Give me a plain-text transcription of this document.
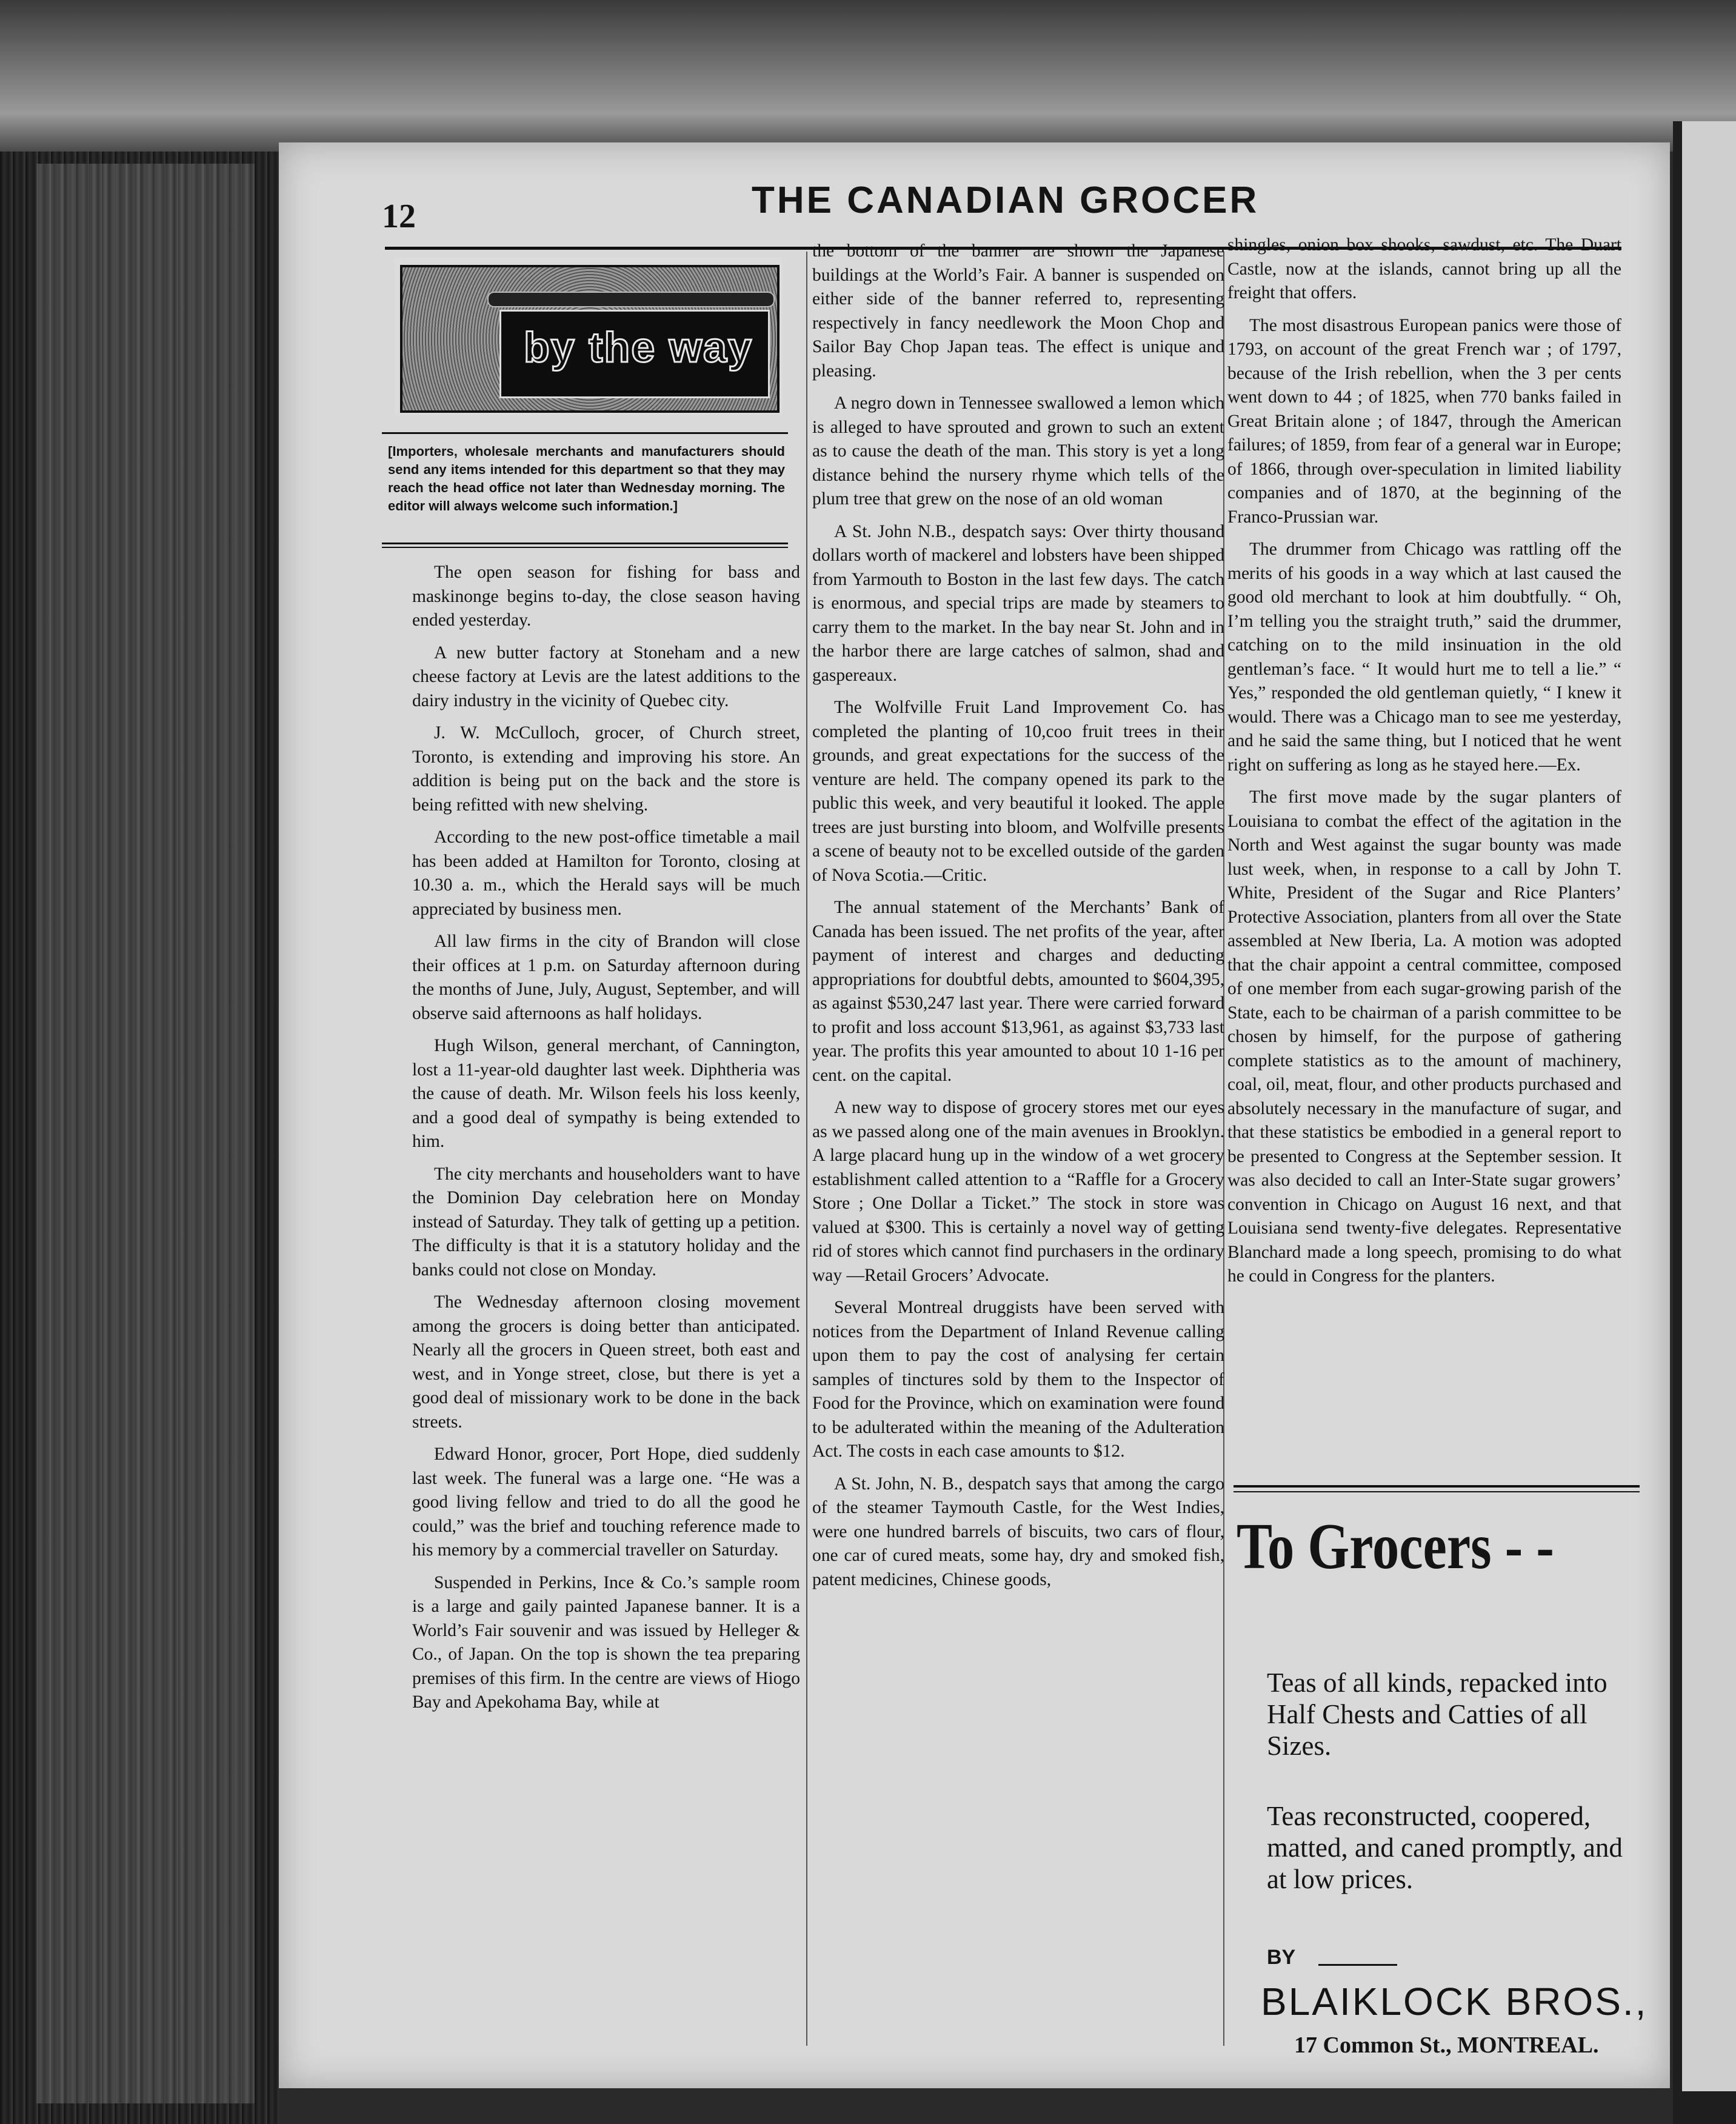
12	THE CANADIAN GROCER
by the way
[Importers, wholesale merchants and manufacturers should send any items intended for this department so that they may reach the head office not later than Wednesday morning. The editor will always welcome such information.]

The open season for fishing for bass and maskinonge begins to-day, the close season having ended yesterday.

A new butter factory at Stoneham and a new cheese factory at Levis are the latest additions to the dairy industry in the vicinity of Quebec city.

J. W. McCulloch, grocer, of Church street, Toronto, is extending and improving his store. An addition is being put on the back and the store is being refitted with new shelving.

According to the new post-office timetable a mail has been added at Hamilton for Toronto, closing at 10.30 a. m., which the Herald says will be much appreciated by business men.

All law firms in the city of Brandon will close their offices at 1 p.m. on Saturday afternoon during the months of June, July, August, September, and will observe said afternoons as half holidays.

Hugh Wilson, general merchant, of Cannington, lost a 11-year-old daughter last week. Diphtheria was the cause of death. Mr. Wilson feels his loss keenly, and a good deal of sympathy is being extended to him.

The city merchants and householders want to have the Dominion Day celebration here on Monday instead of Saturday. They talk of getting up a petition. The difficulty is that it is a statutory holiday and the banks could not close on Monday.

The Wednesday afternoon closing movement among the grocers is doing better than anticipated. Nearly all the grocers in Queen street, both east and west, and in Yonge street, close, but there is yet a good deal of missionary work to be done in the back streets.

Edward Honor, grocer, Port Hope, died suddenly last week. The funeral was a large one. “He was a good living fellow and tried to do all the good he could,” was the brief and touching reference made to his memory by a commercial traveller on Saturday.

Suspended in Perkins, Ince & Co.’s sample room is a large and gaily painted Japanese banner. It is a World’s Fair souvenir and was issued by Helleger & Co., of Japan. On the top is shown the tea preparing premises of this firm. In the centre are views of Hiogo Bay and Apekohama Bay, while at

the bottom of the banner are shown the Japanese buildings at the World’s Fair. A banner is suspended on either side of the banner referred to, representing respectively in fancy needlework the Moon Chop and Sailor Bay Chop Japan teas. The effect is unique and pleasing.

A negro down in Tennessee swallowed a lemon which is alleged to have sprouted and grown to such an extent as to cause the death of the man. This story is yet a long distance behind the nursery rhyme which tells of the plum tree that grew on the nose of an old woman

A St. John N.B., despatch says: Over thirty thousand dollars worth of mackerel and lobsters have been shipped from Yarmouth to Boston in the last few days. The catch is enormous, and special trips are made by steamers to carry them to the market. In the bay near St. John and in the harbor there are large catches of salmon, shad and gaspereaux.

The Wolfville Fruit Land Improvement Co. has completed the planting of 10,coo fruit trees in their grounds, and great expectations for the success of the venture are held. The company opened its park to the public this week, and very beautiful it looked. The apple trees are just bursting into bloom, and Wolfville presents a scene of beauty not to be excelled outside of the garden of Nova Scotia.—Critic.

The annual statement of the Merchants’ Bank of Canada has been issued. The net profits of the year, after payment of interest and charges and deducting appropriations for doubtful debts, amounted to $604,395, as against $530,247 last year. There were carried forward to profit and loss account $13,961, as against $3,733 last year. The profits this year amounted to about 10 1-16 per cent. on the capital.

A new way to dispose of grocery stores met our eyes as we passed along one of the main avenues in Brooklyn. A large placard hung up in the window of a wet grocery establishment called attention to a “Raffle for a Grocery Store ; One Dollar a Ticket.” The stock in store was valued at $300. This is certainly a novel way of getting rid of stores which cannot find purchasers in the ordinary way —Retail Grocers’ Advocate.

Several Montreal druggists have been served with notices from the Department of Inland Revenue calling upon them to pay the cost of analysing fer certain samples of tinctures sold by them to the Inspector of Food for the Province, which on examination were found to be adulterated within the meaning of the Adulteration Act. The costs in each case amounts to $12.

A St. John, N. B., despatch says that among the cargo of the steamer Taymouth Castle, for the West Indies, were one hundred barrels of biscuits, two cars of flour, one car of cured meats, some hay, dry and smoked fish, patent medicines, Chinese goods,

shingles, onion box shooks, sawdust, etc. The Duart Castle, now at the islands, cannot bring up all the freight that offers.

The most disastrous European panics were those of 1793, on account of the great French war ; of 1797, because of the Irish rebellion, when the 3 per cents went down to 44 ; of 1825, when 770 banks failed in Great Britain alone ; of 1847, through the American failures; of 1859, from fear of a general war in Europe; of 1866, through over-speculation in limited liability companies and of 1870, at the beginning of the Franco-Prussian war.

The drummer from Chicago was rattling off the merits of his goods in a way which at last caused the good old merchant to look at him doubtfully. “ Oh, I’m telling you the straight truth,” said the drummer, catching on to the mild insinuation in the old gentleman’s face. “ It would hurt me to tell a lie.” “ Yes,” responded the old gentleman quietly, “ I knew it would. There was a Chicago man to see me yesterday, and he said the same thing, but I noticed that he went right on suffering as long as he stayed here.—Ex.

The first move made by the sugar planters of Louisiana to combat the effect of the agitation in the North and West against the sugar bounty was made lust week, when, in response to a call by John T. White, President of the Sugar and Rice Planters’ Protective Association, planters from all over the State assembled at New Iberia, La. A motion was adopted that the chair appoint a central committee, composed of one member from each sugar-growing parish of the State, each to be chairman of a parish committee to be chosen by himself, for the purpose of gathering complete statistics as to the amount of machinery, coal, oil, meat, flour, and other products purchased and absolutely necessary in the manufacture of sugar, and that these statistics be embodied in a general report to be presented to Congress at the September session. It was also decided to call an Inter-State sugar growers’ convention in Chicago on August 16 next, and that Louisiana send twenty-five delegates. Representative Blanchard made a long speech, promising to do what he could in Congress for the planters.

To Grocers - -
Teas of all kinds, repacked into Half Chests and Catties of all Sizes.
Teas reconstructed, coopered, matted, and caned promptly, and at low prices.
BY
BLAIKLOCK BROS.,
17 Common St., MONTREAL.
